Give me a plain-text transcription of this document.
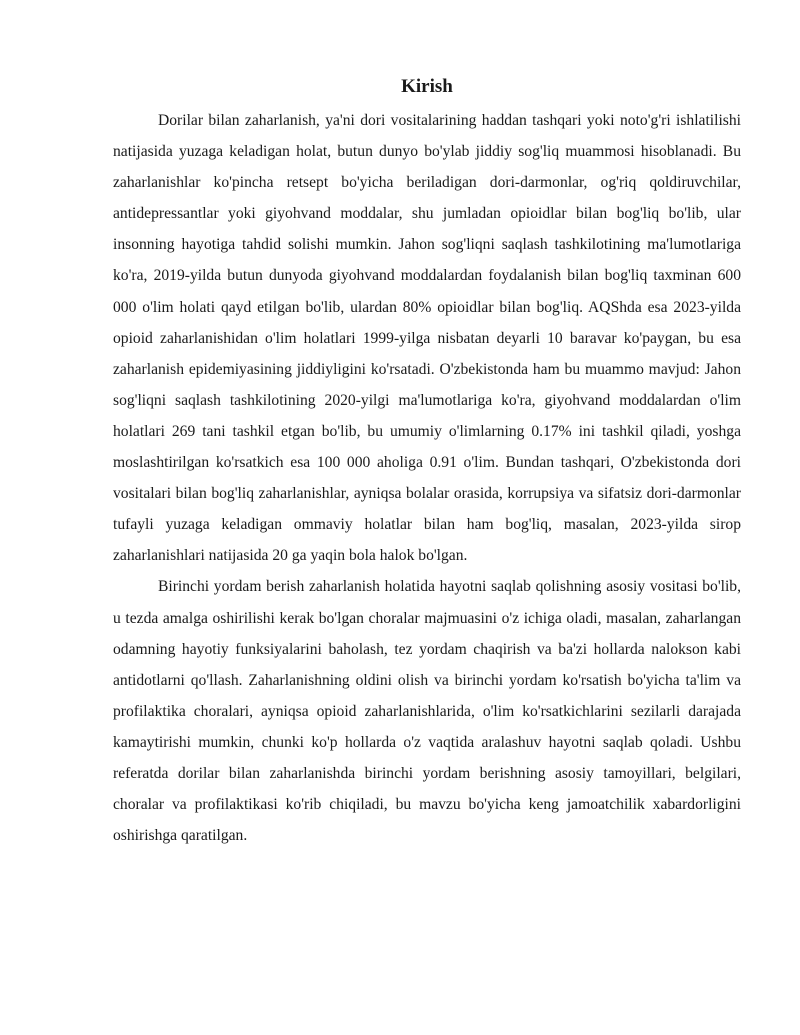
Kirish

Dorilar bilan zaharlanish, ya'ni dori vositalarining haddan tashqari yoki noto'g'ri ishlatilishi natijasida yuzaga keladigan holat, butun dunyo bo'ylab jiddiy sog'liq muammosi hisoblanadi. Bu zaharlanishlar ko'pincha retsept bo'yicha beriladigan dori-darmonlar, og'riq qoldiruvchilar, antidepressantlar yoki giyohvand moddalar, shu jumladan opioidlar bilan bog'liq bo'lib, ular insonning hayotiga tahdid solishi mumkin. Jahon sog'liqni saqlash tashkilotining ma'lumotlariga ko'ra, 2019-yilda butun dunyoda giyohvand moddalardan foydalanish bilan bog'liq taxminan 600 000 o'lim holati qayd etilgan bo'lib, ulardan 80% opioidlar bilan bog'liq. AQShda esa 2023-yilda opioid zaharlanishidan o'lim holatlari 1999-yilga nisbatan deyarli 10 baravar ko'paygan, bu esa zaharlanish epidemiyasining jiddiyligini ko'rsatadi. O'zbekistonda ham bu muammo mavjud: Jahon sog'liqni saqlash tashkilotining 2020-yilgi ma'lumotlariga ko'ra, giyohvand moddalardan o'lim holatlari 269 tani tashkil etgan bo'lib, bu umumiy o'limlarning 0.17% ini tashkil qiladi, yoshga moslashtirilgan ko'rsatkich esa 100 000 aholiga 0.91 o'lim. Bundan tashqari, O'zbekistonda dori vositalari bilan bog'liq zaharlanishlar, ayniqsa bolalar orasida, korrupsiya va sifatsiz dori-darmonlar tufayli yuzaga keladigan ommaviy holatlar bilan ham bog'liq, masalan, 2023-yilda sirop zaharlanishlari natijasida 20 ga yaqin bola halok bo'lgan.

Birinchi yordam berish zaharlanish holatida hayotni saqlab qolishning asosiy vositasi bo'lib, u tezda amalga oshirilishi kerak bo'lgan choralar majmuasini o'z ichiga oladi, masalan, zaharlangan odamning hayotiy funksiyalarini baholash, tez yordam chaqirish va ba'zi hollarda nalokson kabi antidotlarni qo'llash. Zaharlanishning oldini olish va birinchi yordam ko'rsatish bo'yicha ta'lim va profilaktika choralari, ayniqsa opioid zaharlanishlarida, o'lim ko'rsatkichlarini sezilarli darajada kamaytirishi mumkin, chunki ko'p hollarda o'z vaqtida aralashuv hayotni saqlab qoladi. Ushbu referatda dorilar bilan zaharlanishda birinchi yordam berishning asosiy tamoyillari, belgilari, choralar va profilaktikasi ko'rib chiqiladi, bu mavzu bo'yicha keng jamoatchilik xabardorligini oshirishga qaratilgan.
